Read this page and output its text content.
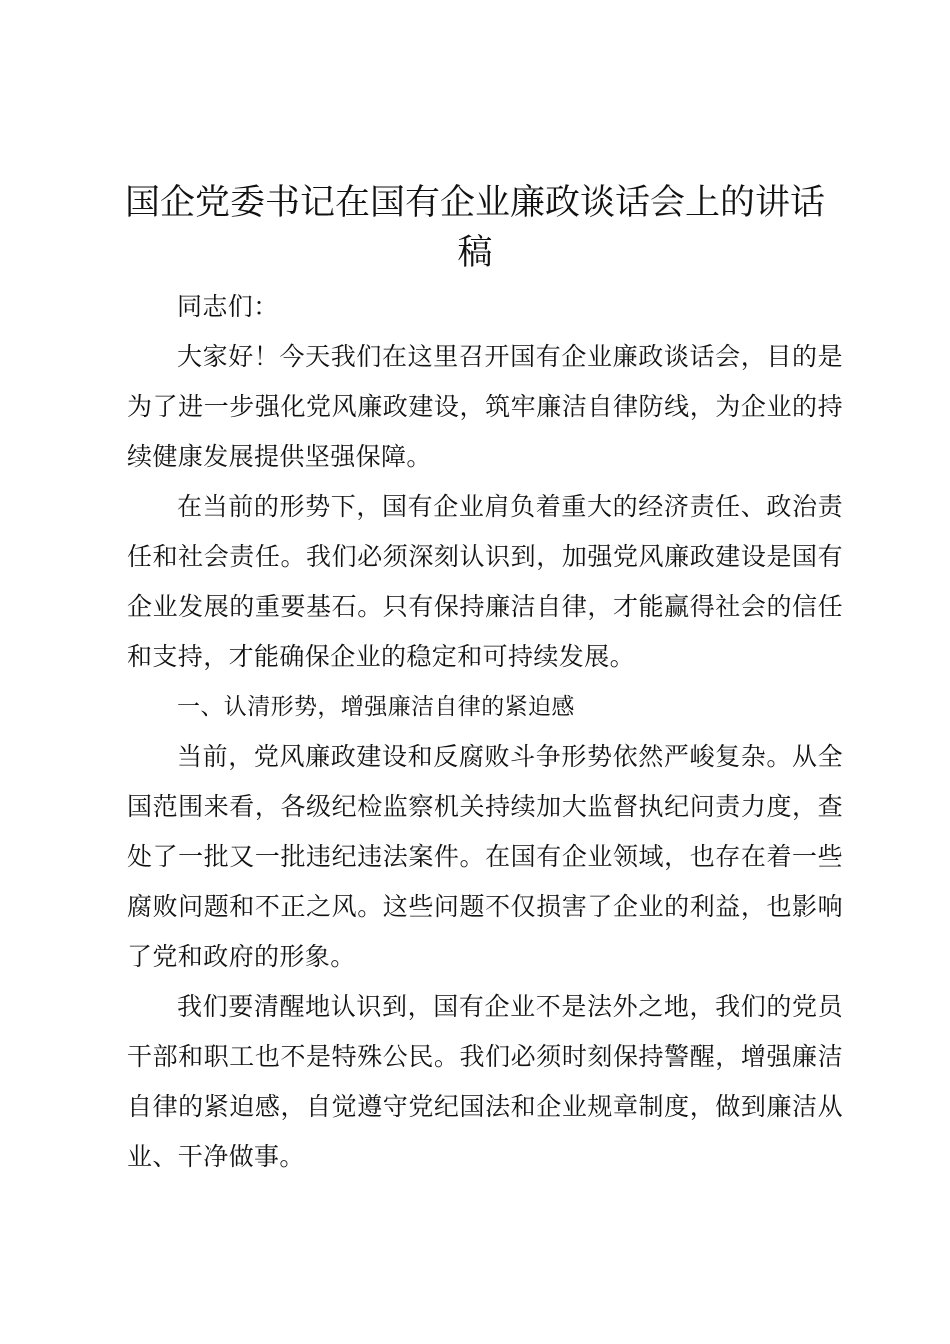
国企党委书记在国有企业廉政谈话会上的讲话稿

同志们：

大家好！今天我们在这里召开国有企业廉政谈话会，目的是为了进一步强化党风廉政建设，筑牢廉洁自律防线，为企业的持续健康发展提供坚强保障。

在当前的形势下，国有企业肩负着重大的经济责任、政治责任和社会责任。我们必须深刻认识到，加强党风廉政建设是国有企业发展的重要基石。只有保持廉洁自律，才能赢得社会的信任和支持，才能确保企业的稳定和可持续发展。

一、认清形势，增强廉洁自律的紧迫感

当前，党风廉政建设和反腐败斗争形势依然严峻复杂。从全国范围来看，各级纪检监察机关持续加大监督执纪问责力度，查处了一批又一批违纪违法案件。在国有企业领域，也存在着一些腐败问题和不正之风。这些问题不仅损害了企业的利益，也影响了党和政府的形象。

我们要清醒地认识到，国有企业不是法外之地，我们的党员干部和职工也不是特殊公民。我们必须时刻保持警醒，增强廉洁自律的紧迫感，自觉遵守党纪国法和企业规章制度，做到廉洁从业、干净做事。
